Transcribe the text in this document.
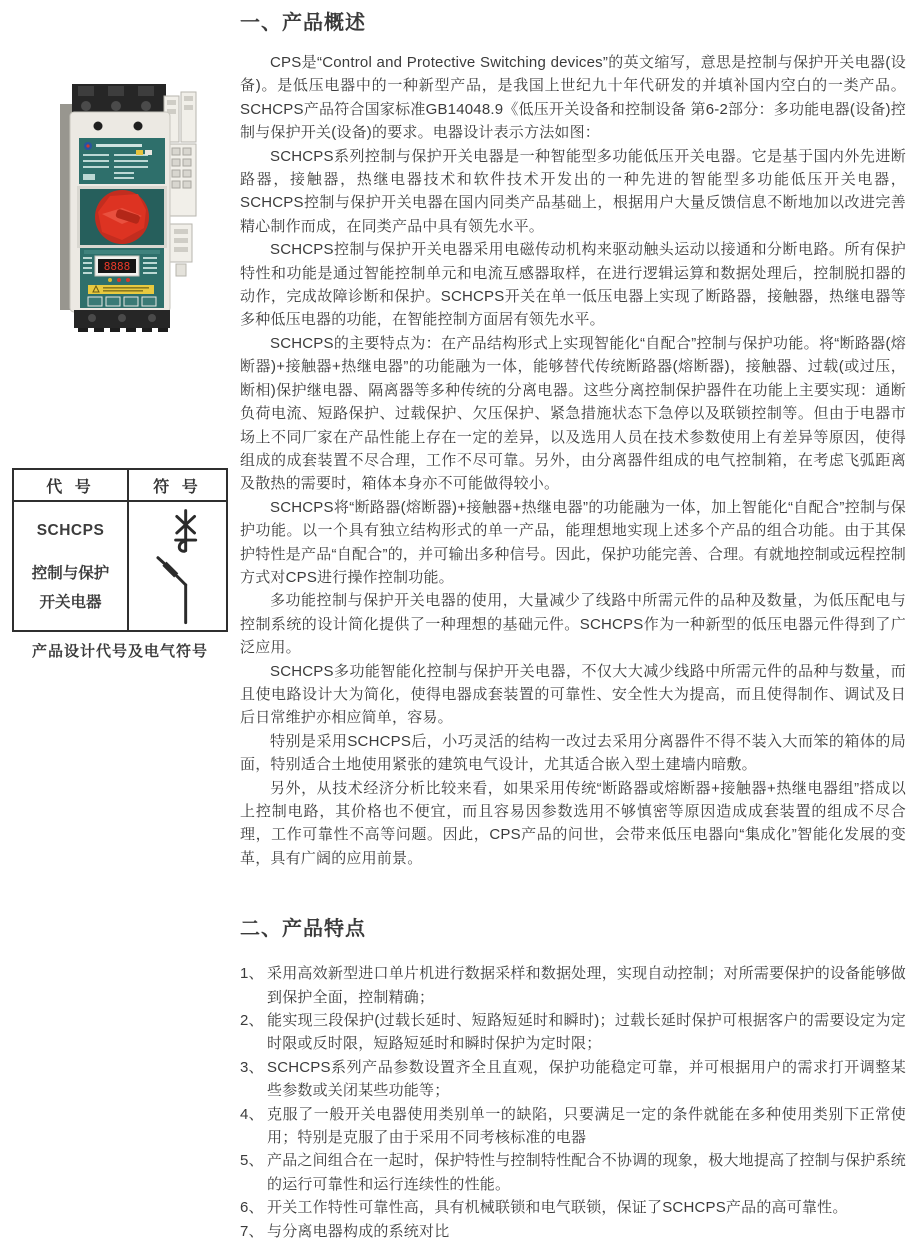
8888
代 号	符 号

SCHCPS
控制与保护
开关电器

产品设计代号及电气符号
一、产品概述

CPS是“Control and Protective Switching devices”的英文缩写，意思是控制与保护开关电器(设备)。是低压电器中的一种新型产品，是我国上世纪九十年代研发的并填补国内空白的一类产品。SCHCPS产品符合国家标准GB14048.9《低压开关设备和控制设备 第6-2部分：多功能电器(设备)控制与保护开关(设备)的要求。电器设计表示方法如图：

SCHCPS系列控制与保护开关电器是一种智能型多功能低压开关电器。它是基于国内外先进断路器，接触器，热继电器技术和软件技术开发出的一种先进的智能型多功能低压开关电器，SCHCPS控制与保护开关电器在国内同类产品基础上，根据用户大量反馈信息不断地加以改进完善精心制作而成，在同类产品中具有领先水平。

SCHCPS控制与保护开关电器采用电磁传动机构来驱动触头运动以接通和分断电路。所有保护特性和功能是通过智能控制单元和电流互感器取样，在进行逻辑运算和数据处理后，控制脱扣器的动作，完成故障诊断和保护。SCHCPS开关在单一低压电器上实现了断路器，接触器，热继电器等多种低压电器的功能，在智能控制方面居有领先水平。

SCHCPS的主要特点为：在产品结构形式上实现智能化“自配合”控制与保护功能。将“断路器(熔断器)+接触器+热继电器”的功能融为一体，能够替代传统断路器(熔断器)，接触器、过载(或过压，断相)保护继电器、隔离器等多种传统的分离电器。这些分离控制保护器件在功能上主要实现：通断负荷电流、短路保护、过载保护、欠压保护、紧急措施状态下急停以及联锁控制等。但由于电器市场上不同厂家在产品性能上存在一定的差异，以及选用人员在技术参数使用上有差异等原因，使得组成的成套装置不尽合理，工作不尽可靠。另外，由分离器件组成的电气控制箱，在考虑飞弧距离及散热的需要时，箱体本身亦不可能做得较小。

SCHCPS将“断路器(熔断器)+接触器+热继电器”的功能融为一体，加上智能化“自配合”控制与保护功能。以一个具有独立结构形式的单一产品，能理想地实现上述多个产品的组合功能。由于其保护特性是产品“自配合”的，并可输出多种信号。因此，保护功能完善、合理。有就地控制或远程控制方式对CPS进行操作控制功能。

多功能控制与保护开关电器的使用，大量减少了线路中所需元件的品种及数量，为低压配电与控制系统的设计简化提供了一种理想的基础元件。SCHCPS作为一种新型的低压电器元件得到了广泛应用。

SCHCPS多功能智能化控制与保护开关电器，不仅大大减少线路中所需元件的品种与数量，而且使电路设计大为简化，使得电器成套装置的可靠性、安全性大为提高，而且使得制作、调试及日后日常维护亦相应简单，容易。

特别是采用SCHCPS后，小巧灵活的结构一改过去采用分离器件不得不装入大而笨的箱体的局面，特别适合土地使用紧张的建筑电气设计，尤其适合嵌入型土建墙内暗敷。

另外，从技术经济分析比较来看，如果采用传统“断路器或熔断器+接触器+热继电器组”搭成以上控制电路，其价格也不便宜，而且容易因参数选用不够慎密等原因造成成套装置的组成不尽合理，工作可靠性不高等问题。因此，CPS产品的问世，会带来低压电器向“集成化”智能化发展的变革，具有广阔的应用前景。

二、产品特点
1、 采用高效新型进口单片机进行数据采样和数据处理，实现自动控制；对所需要保护的设备能够做到保护全面，控制精确；
2、 能实现三段保护(过载长延时、短路短延时和瞬时)；过载长延时保护可根据客户的需要设定为定时限或反时限，短路短延时和瞬时保护为定时限；
3、 SCHCPS系列产品参数设置齐全且直观，保护功能稳定可靠，并可根据用户的需求打开调整某些参数或关闭某些功能等；
4、 克服了一般开关电器使用类别单一的缺陷，只要满足一定的条件就能在多种使用类别下正常使用；特别是克服了由于采用不同考核标准的电器
5、 产品之间组合在一起时，保护特性与控制特性配合不协调的现象，极大地提高了控制与保护系统的运行可靠性和运行连续性的性能。
6、 开关工作特性可靠性高，具有机械联锁和电气联锁，保证了SCHCPS产品的高可靠性。
7、 与分离电器构成的系统对比
